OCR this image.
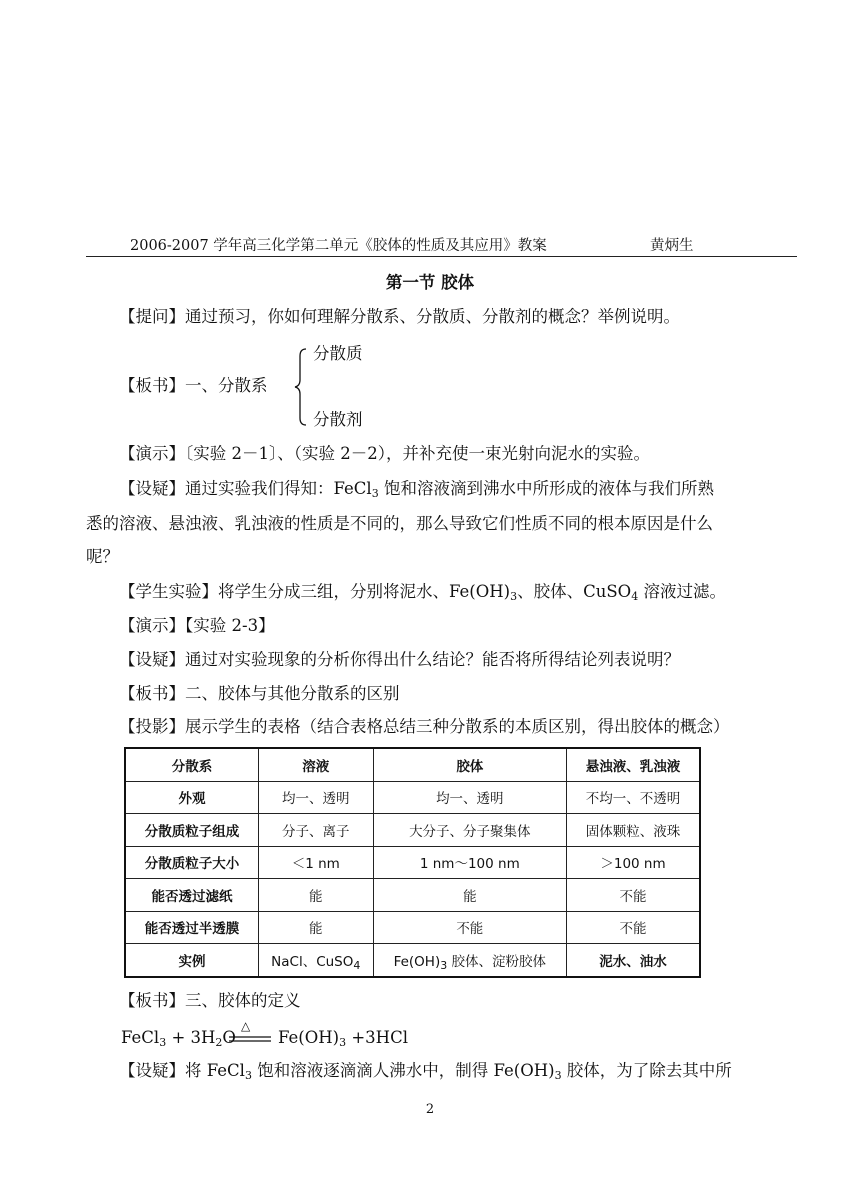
2006-2007 学年高三化学第二单元《胶体的性质及其应用》教案	黄炳生
第一节 胶体
【提问】通过预习，你如何理解分散系、分散质、分散剂的概念？举例说明。
【板书】一、分散系
分散质
分散剂
【演示】〔实验 2－1〕、（实验 2－2），并补充使一束光射向泥水的实验。
【设疑】通过实验我们得知：FeCl$_3$ 饱和溶液滴到沸水中所形成的液体与我们所熟
悉的溶液、悬浊液、乳浊液的性质是不同的，那么导致它们性质不同的根本原因是什么
呢？
【学生实验】将学生分成三组，分别将泥水、$Fe(OH)_3$、胶体、CuSO$_4$ 溶液过滤。
【演示】【实验 2-3】
【设疑】通过对实验现象的分析你得出什么结论？能否将所得结论列表说明？
【板书】二、胶体与其他分散系的区别
【投影】展示学生的表格（结合表格总结三种分散系的本质区别，得出胶体的概念）
分散系	溶液	胶体	悬浊液、乳浊液
外观	均一、透明	均一、透明	不均一、不透明
分散质粒子组成	分子、离子	大分子、分子聚集体	固体颗粒、液珠
分散质粒子大小	＜1 nm	1 nm～100 nm	＞100 nm
能否透过滤纸	能	能	不能
能否透过半透膜	能	不能	不能
实例	NaCl、CuSO$_4$	$Fe(OH)_3$ 胶体、淀粉胶体	泥水、油水
【板书】三、胶体的定义
FeCl$_3$ + $3H_2O$
△
$Fe(OH)_3 +3HCl$
【设疑】将 FeCl$_3$ 饱和溶液逐滴滴人沸水中，制得 $Fe(OH)_3$ 胶体，为了除去其中所
2
